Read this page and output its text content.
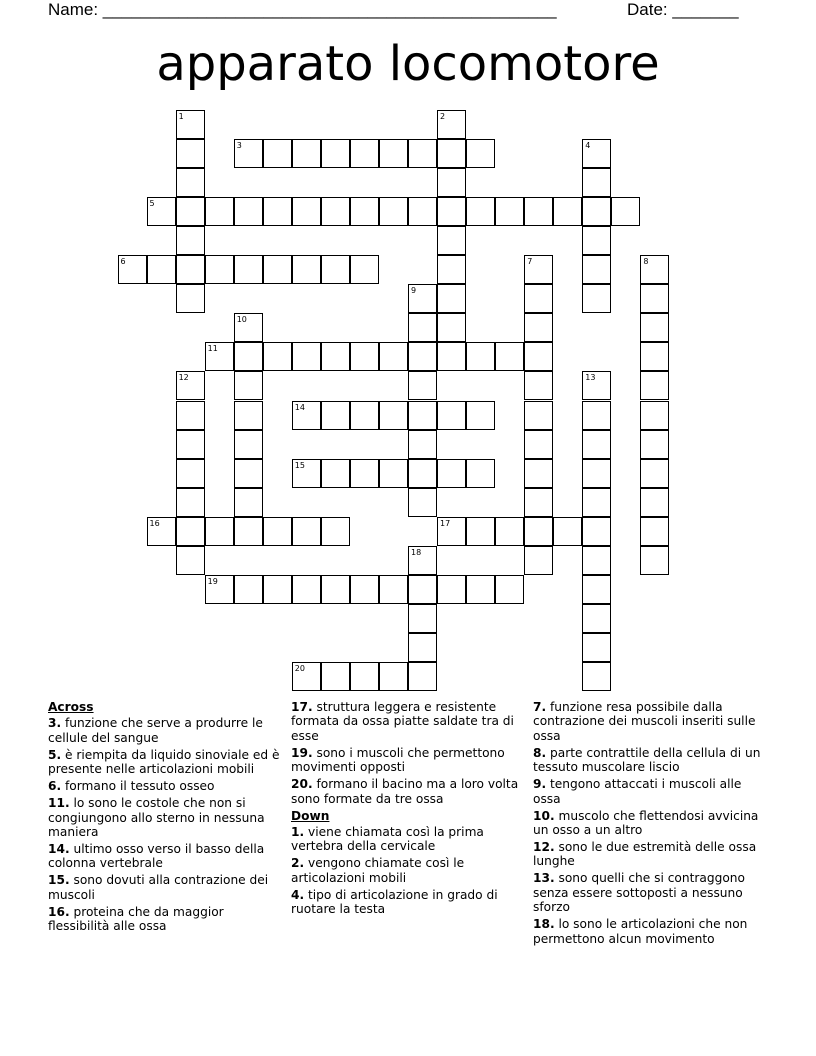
Name: ________________________________________________	Date: _______
apparato locomotore
1	2
3	4
5
6	7	8
9
10
11
12	13
14
15
16	17
18
19
20
Across
3. funzione che serve a produrre le cellule del sangue
5. è riempita da liquido sinoviale ed è presente nelle articolazioni mobili
6. formano il tessuto osseo
11. lo sono le costole che non si congiungono allo sterno in nessuna maniera
14. ultimo osso verso il basso della colonna vertebrale
15. sono dovuti alla contrazione dei muscoli
16. proteina che da maggior flessibilità alle ossa
17. struttura leggera e resistente formata da ossa piatte saldate tra di esse
19. sono i muscoli che permettono movimenti opposti
20. formano il bacino ma a loro volta sono formate da tre ossa
Down
1. viene chiamata così la prima vertebra della cervicale
2. vengono chiamate così le articolazioni mobili
4. tipo di articolazione in grado di ruotare la testa
7. funzione resa possibile dalla contrazione dei muscoli inseriti sulle ossa
8. parte contrattile della cellula di un tessuto muscolare liscio
9. tengono attaccati i muscoli alle ossa
10. muscolo che flettendosi avvicina un osso a un altro
12. sono le due estremità delle ossa lunghe
13. sono quelli che si contraggono senza essere sottoposti a nessuno sforzo
18. lo sono le articolazioni che non permettono alcun movimento
